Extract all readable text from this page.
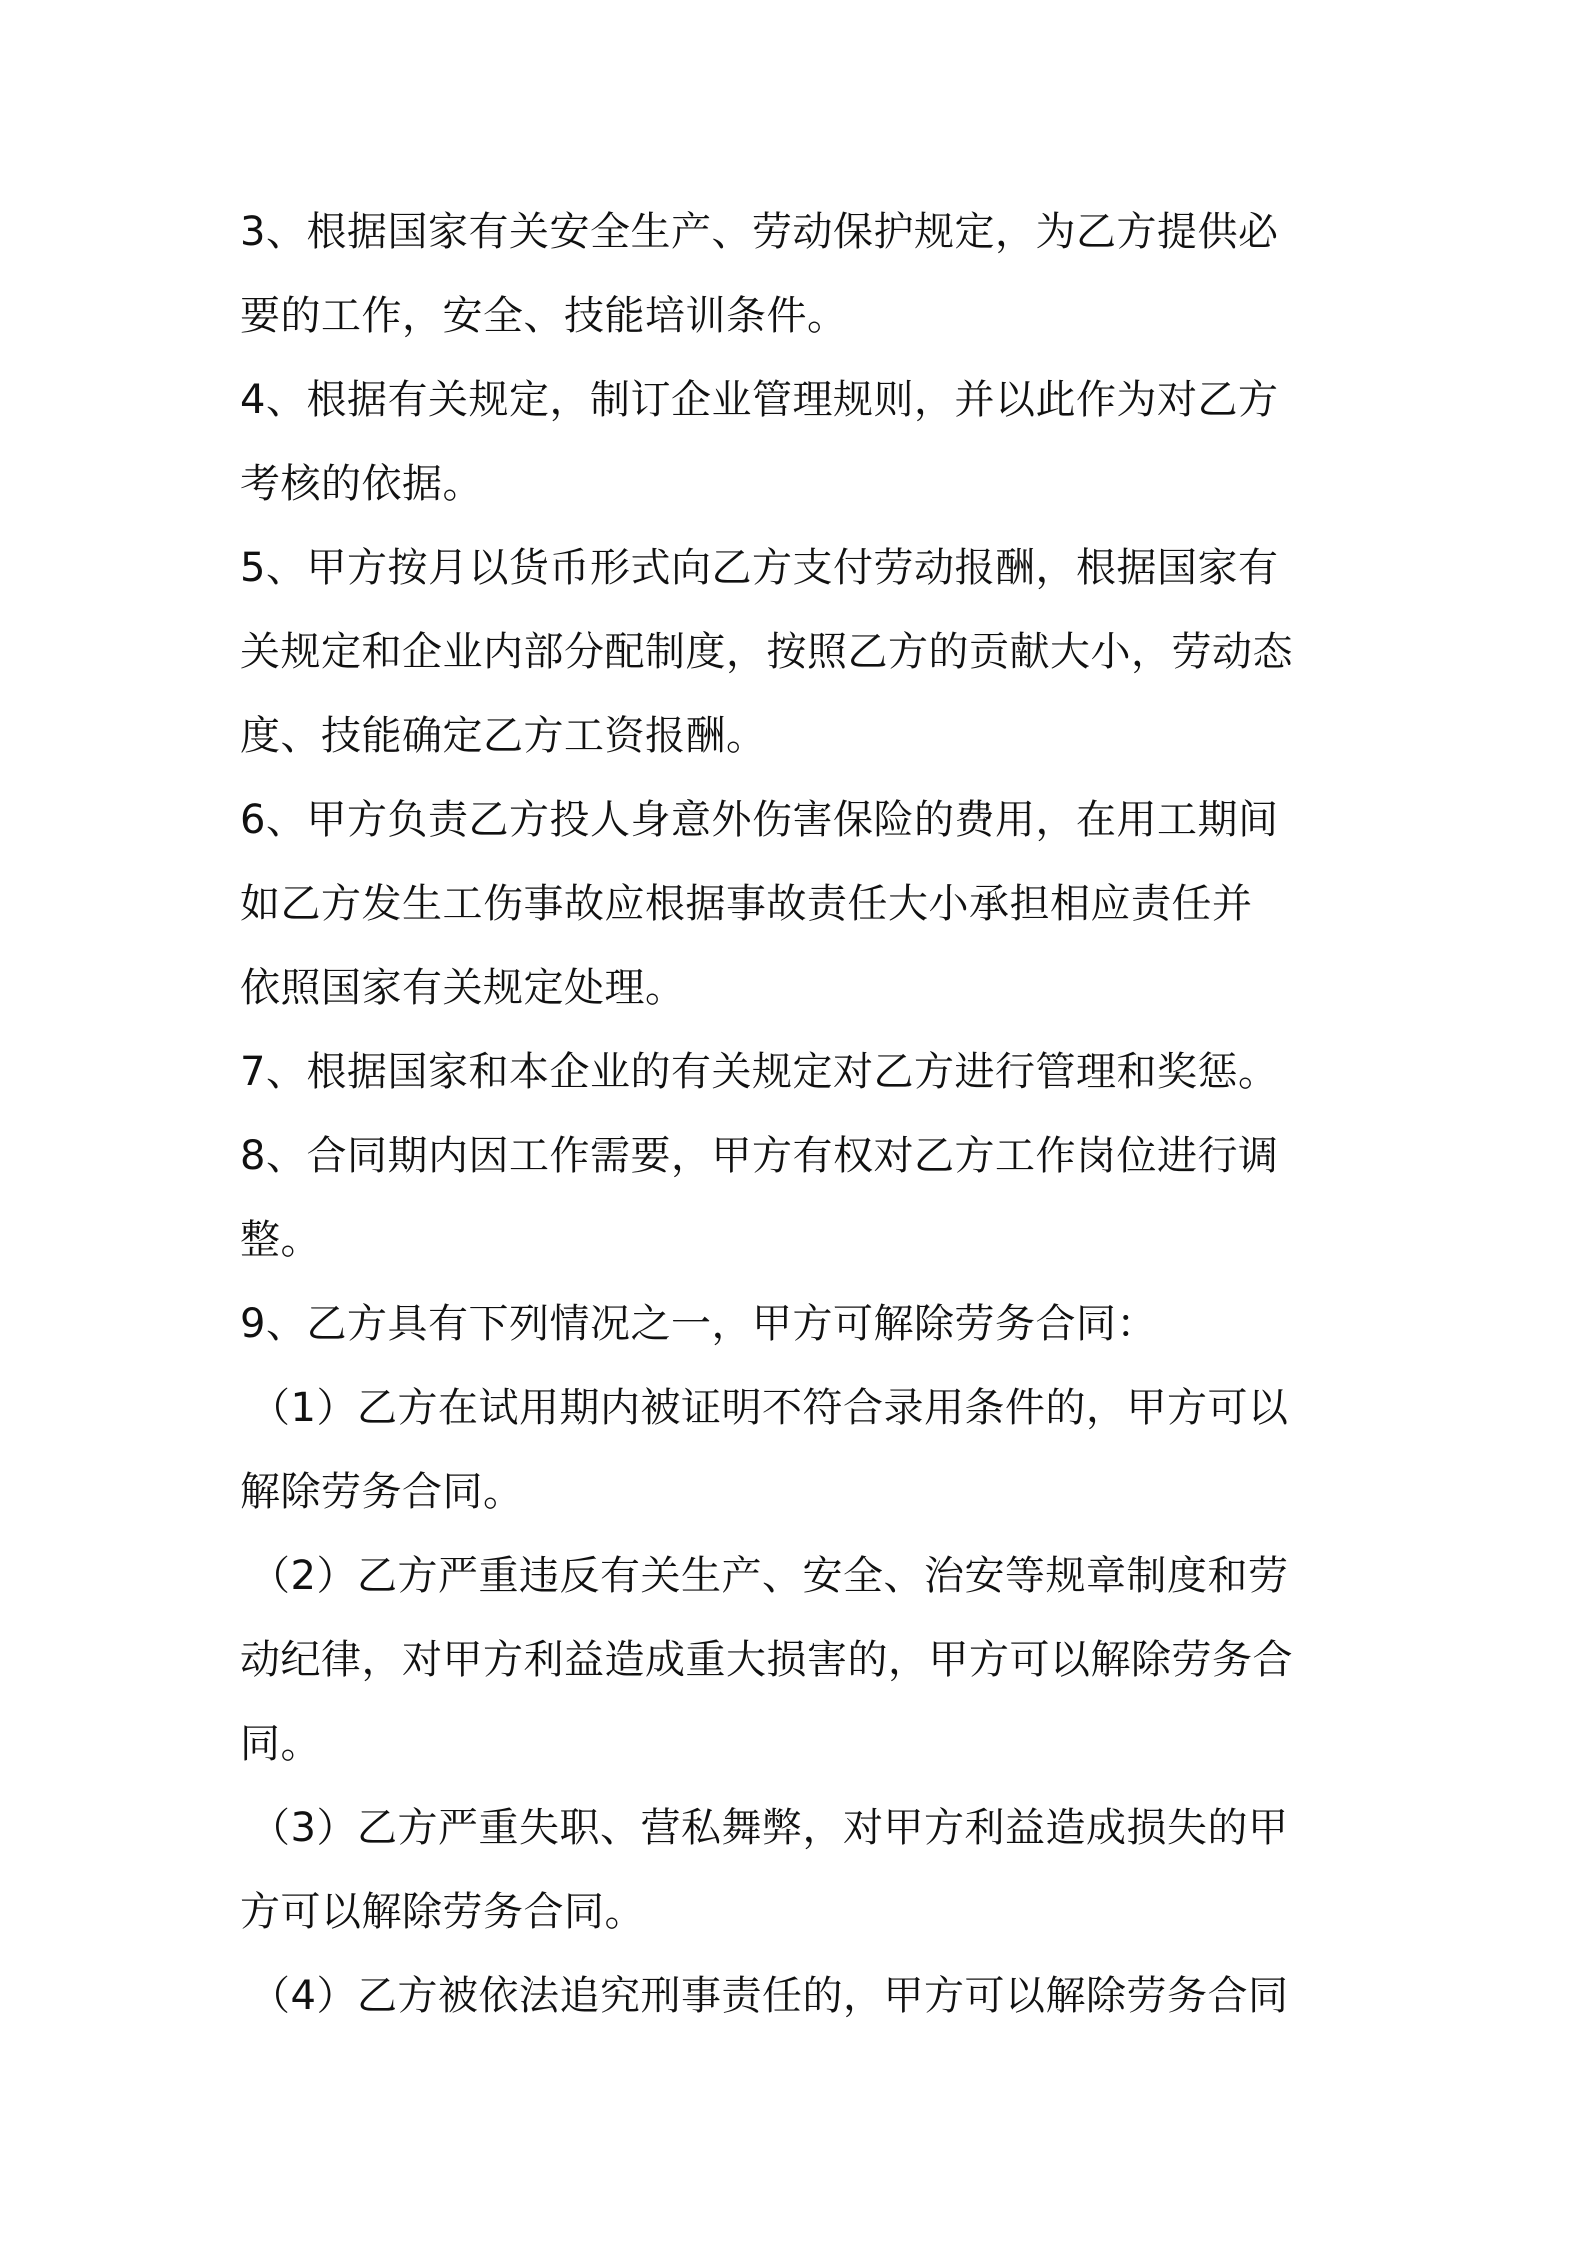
3、根据国家有关安全生产、劳动保护规定，为乙方提供必
要的工作，安全、技能培训条件。
4、根据有关规定，制订企业管理规则，并以此作为对乙方
考核的依据。
5、甲方按月以货币形式向乙方支付劳动报酬，根据国家有
关规定和企业内部分配制度，按照乙方的贡献大小，劳动态
度、技能确定乙方工资报酬。
6、甲方负责乙方投人身意外伤害保险的费用，在用工期间
如乙方发生工伤事故应根据事故责任大小承担相应责任并
依照国家有关规定处理。
7、根据国家和本企业的有关规定对乙方进行管理和奖惩。
8、合同期内因工作需要，甲方有权对乙方工作岗位进行调
整。
9、乙方具有下列情况之一，甲方可解除劳务合同：
（1）乙方在试用期内被证明不符合录用条件的，甲方可以
解除劳务合同。
（2）乙方严重违反有关生产、安全、治安等规章制度和劳
动纪律，对甲方利益造成重大损害的，甲方可以解除劳务合
同。
（3）乙方严重失职、营私舞弊，对甲方利益造成损失的甲
方可以解除劳务合同。
（4）乙方被依法追究刑事责任的，甲方可以解除劳务合同
